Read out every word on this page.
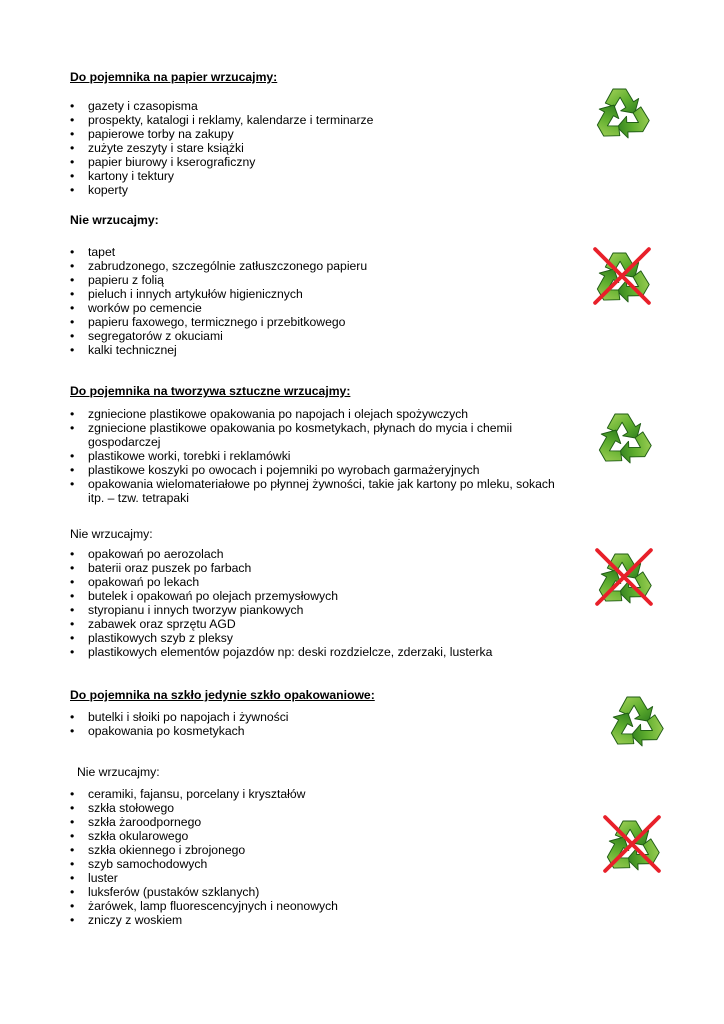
Do pojemnika na papier wrzucajmy:
• gazety i czasopisma
• prospekty, katalogi i reklamy, kalendarze i terminarze
• papierowe torby na zakupy
• zużyte zeszyty i stare książki
• papier biurowy i kserograficzny
• kartony i tektury
• koperty
Nie wrzucajmy:
• tapet
• zabrudzonego, szczególnie zatłuszczonego papieru
• papieru z folią
• pieluch i innych artykułów higienicznych
• worków po cemencie
• papieru faxowego, termicznego i przebitkowego
• segregatorów z okuciami
• kalki technicznej
Do pojemnika na tworzywa sztuczne wrzucajmy:
• zgniecione plastikowe opakowania po napojach i olejach spożywczych
• zgniecione plastikowe opakowania po kosmetykach, płynach do mycia i chemii gospodarczej
• plastikowe worki, torebki i reklamówki
• plastikowe koszyki po owocach i pojemniki po wyrobach garmażeryjnych
• opakowania wielomateriałowe po płynnej żywności, takie jak kartony po mleku, sokach itp. – tzw. tetrapaki
Nie wrzucajmy:
• opakowań po aerozolach
• baterii oraz puszek po farbach
• opakowań po lekach
• butelek i opakowań po olejach przemysłowych
• styropianu i innych tworzyw piankowych
• zabawek oraz sprzętu AGD
• plastikowych szyb z pleksy
• plastikowych elementów pojazdów np: deski rozdzielcze, zderzaki, lusterka
Do pojemnika na szkło jedynie szkło opakowaniowe:
• butelki i słoiki po napojach i żywności
• opakowania po kosmetykach
Nie wrzucajmy:
• ceramiki, fajansu, porcelany i kryształów
• szkła stołowego
• szkła żaroodpornego
• szkła okularowego
• szkła okiennego i zbrojonego
• szyb samochodowych
• luster
• luksferów (pustaków szklanych)
• żarówek, lamp fluorescencyjnych i neonowych
• zniczy z woskiem
